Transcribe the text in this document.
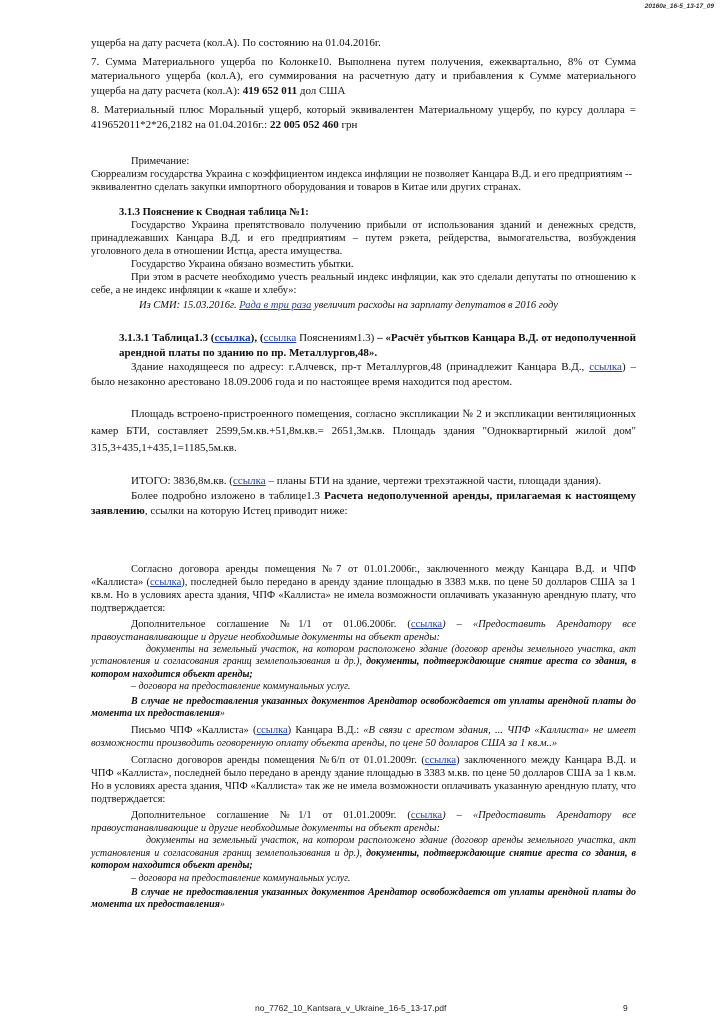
20160г_16-5_13-17_09

ущерба на дату расчета (кол.А). По состоянию на 01.04.2016г.

7. Сумма Материального ущерба по Колонке10. Выполнена путем получения, ежеквартально, 8% от Сумма материального ущерба (кол.А), его суммирования на расчетную дату и прибавления к Сумме материального ущерба на дату расчета (кол.А): 419 652 011 дол США

8. Материальный плюс Моральный ущерб, который эквивалентен Материальному ущербу, по курсу доллара = 419652011*2*26,2182 на 01.04.2016г.: 22 005 052 460 грн

Примечание:

Сюрреализм государства Украина с коэффициентом индекса инфляции не позволяет Канцара В.Д. и его предприятиям -- эквивалентно сделать закупки импортного оборудования и товаров в Китае или других странах.

3.1.3 Пояснение к Сводная таблица №1:

Государство Украина препятствовало получению прибыли от использования зданий и денежных средств, принадлежавших Канцара В.Д. и его предприятиям – путем рэкета, рейдерства, вымогательства, возбуждения уголовного дела в отношении Истца, ареста имущества.

Государство Украина обязано возместить убытки.

При этом в расчете необходимо учесть реальный индекс инфляции, как это сделали депутаты по отношению к себе, а не индекс инфляции к «каше и хлебу»:

Из СМИ: 15.03.2016г. Рада в три раза увеличит расходы на зарплату депутатов в 2016 году

3.1.3.1 Таблица1.3 (ссылка), (ссылка Пояснениям1.3) – «Расчёт убытков Канцара В.Д. от недополученной арендной платы по зданию по пр. Металлургов,48».

Здание находящееся по адресу: г.Алчевск, пр-т Металлургов,48 (принадлежит Канцара В.Д., ссылка) – было незаконно арестовано 18.09.2006 года и по настоящее время находится под арестом.

Площадь встроено-пристроенного помещения, согласно экспликации № 2 и экспликации вентиляционных камер БТИ, составляет 2599,5м.кв.+51,8м.кв.= 2651,3м.кв. Площадь здания "Одноквартирный жилой дом" 315,3+435,1+435,1=1185,5м.кв.

ИТОГО: 3836,8м.кв. (ссылка – планы БТИ на здание, чертежи трехэтажной части, площади здания).

Более подробно изложено в таблице1.3 Расчета недополученной аренды, прилагаемая к настоящему заявлению, ссылки на которую Истец приводит ниже:

Согласно договора аренды помещения №7 от 01.01.2006г., заключенного между Канцара В.Д. и ЧПФ «Каллиста» (ссылка), последней было передано в аренду здание площадью в 3383 м.кв. по цене 50 долларов США за 1 кв.м. Но в условиях ареста здания, ЧПФ «Каллиста» не имела возможности оплачивать указанную арендную плату, что подтверждается:

Дополнительное соглашение №1/1 от 01.06.2006г. (ссылка) – «Предоставить Арендатору все правоустанавливающие и другие необходимые документы на объект аренды:

документы на земельный участок, на котором расположено здание (договор аренды земельного участка, акт установления и согласования границ землепользования и др.), документы, подтверждающие снятие ареста со здания, в котором находится объект аренды;

– договора на предоставление коммунальных услуг.

В случае не предоставления указанных документов Арендатор освобождается от уплаты арендной платы до момента их предоставления»

Письмо ЧПФ «Каллиста» (ссылка) Канцара В.Д.: «В связи с арестом здания, ... ЧПФ «Каллиста» не имеет возможности производить оговоренную оплату объекта аренды, по цене 50 долларов США за 1 кв.м..»

Согласно договоров аренды помещения №6/п от 01.01.2009г. (ссылка) заключенного между Канцара В.Д. и ЧПФ «Каллиста», последней было передано в аренду здание площадью в 3383 м.кв. по цене 50 долларов США за 1 кв.м. Но в условиях ареста здания, ЧПФ «Каллиста» так же не имела возможности оплачивать указанную арендную плату, что подтверждается:

Дополнительное соглашение №1/1 от 01.01.2009г. (ссылка) – «Предоставить Арендатору все правоустанавливающие и другие необходимые документы на объект аренды:

документы на земельный участок, на котором расположено здание (договор аренды земельного участка, акт установления и согласования границ землепользования и др.), документы, подтверждающие снятие ареста со здания, в котором находится объект аренды;

– договора на предоставление коммунальных услуг.

В случае не предоставления указанных документов Арендатор освобождается от уплаты арендной платы до момента их предоставления»

no_7762_10_Kantsara_v_Ukraine_16-5_13-17.pdf	9
